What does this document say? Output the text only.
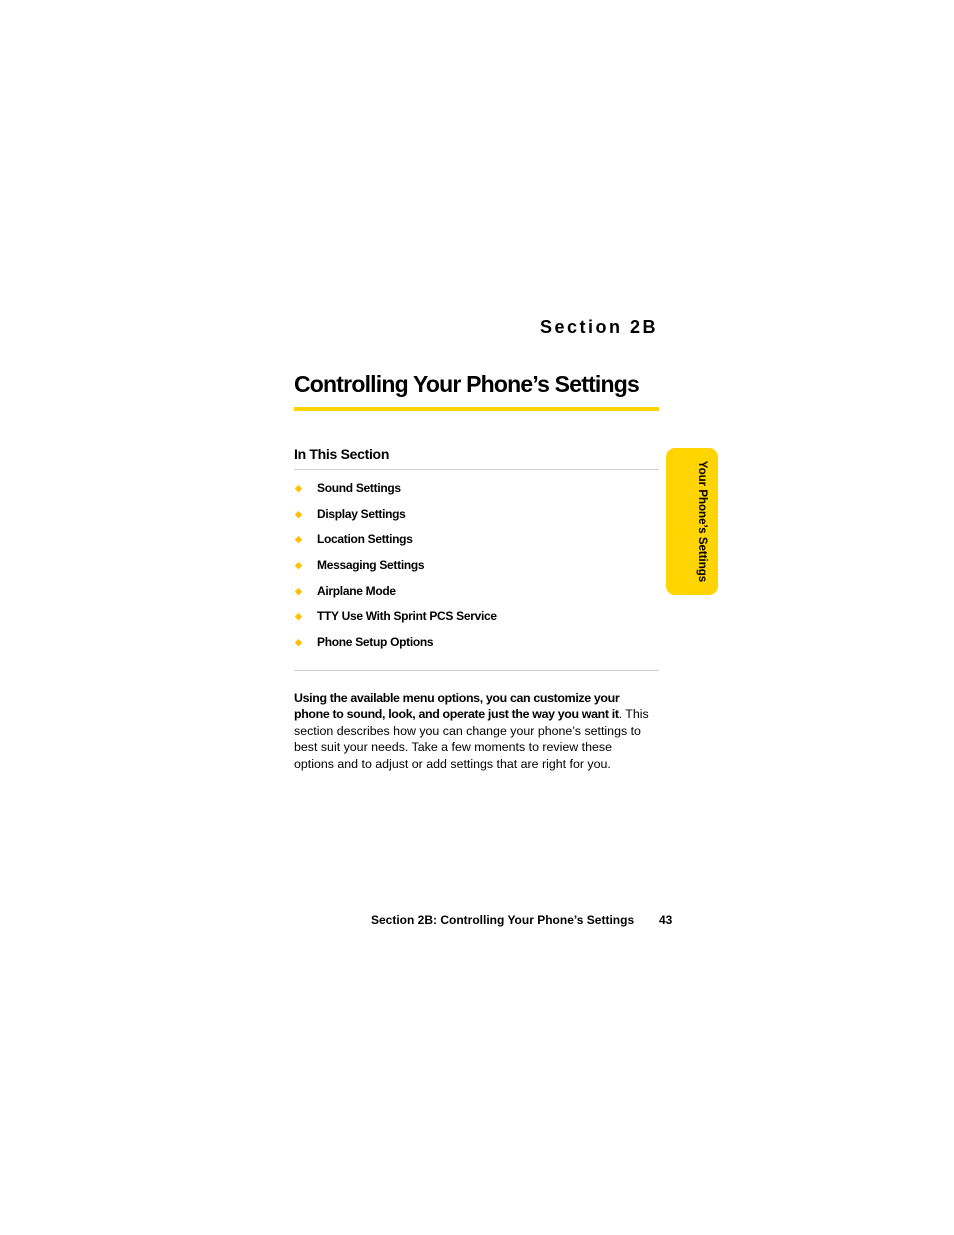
Section 2B
Controlling Your Phone’s Settings
In This Section
◆	Sound Settings
◆	Display Settings
◆	Location Settings
◆	Messaging Settings
◆	Airplane Mode
◆	TTY Use With Sprint PCS Service
◆	Phone Setup Options

Using the available menu options, you can customize your phone to sound, look, and operate just the way you want it. This section describes how you can change your phone’s settings to best suit your needs. Take a few moments to review these options and to adjust or add settings that are right for you.

Your Phone’s Settings
Section 2B: Controlling Your Phone’s Settings 43
